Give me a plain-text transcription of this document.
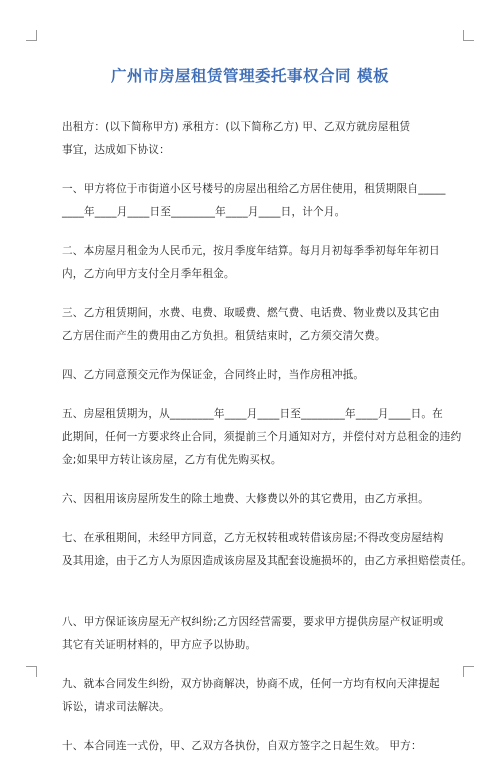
广州市房屋租赁管理委托事权合同 模板
出租方：(以下简称甲方) 承租方：(以下简称乙方) 甲、乙双方就房屋租赁
事宜，达成如下协议：
一、甲方将位于市街道小区号楼号的房屋出租给乙方居住使用，租赁期限自_____
____年____月____日至________年____月____日，计个月。
二、本房屋月租金为人民币元，按月季度年结算。每月月初每季季初每年年初日
内，乙方向甲方支付全月季年租金。
三、乙方租赁期间，水费、电费、取暖费、燃气费、电话费、物业费以及其它由
乙方居住而产生的费用由乙方负担。租赁结束时，乙方须交清欠费。
四、乙方同意预交元作为保证金，合同终止时，当作房租冲抵。
五、房屋租赁期为，从________年____月____日至________年____月____日。在
此期间，任何一方要求终止合同，须提前三个月通知对方，并偿付对方总租金的违约
金;如果甲方转让该房屋，乙方有优先购买权。
六、因租用该房屋所发生的除土地费、大修费以外的其它费用，由乙方承担。
七、在承租期间，未经甲方同意，乙方无权转租或转借该房屋;不得改变房屋结构
及其用途，由于乙方人为原因造成该房屋及其配套设施损坏的，由乙方承担赔偿责任。
八、甲方保证该房屋无产权纠纷;乙方因经营需要，要求甲方提供房屋产权证明或
其它有关证明材料的，甲方应予以协助。
九、就本合同发生纠纷，双方协商解决，协商不成，任何一方均有权向天津提起
诉讼，请求司法解决。
十、本合同连一式份，甲、乙双方各执份，自双方签字之日起生效。 甲方：
